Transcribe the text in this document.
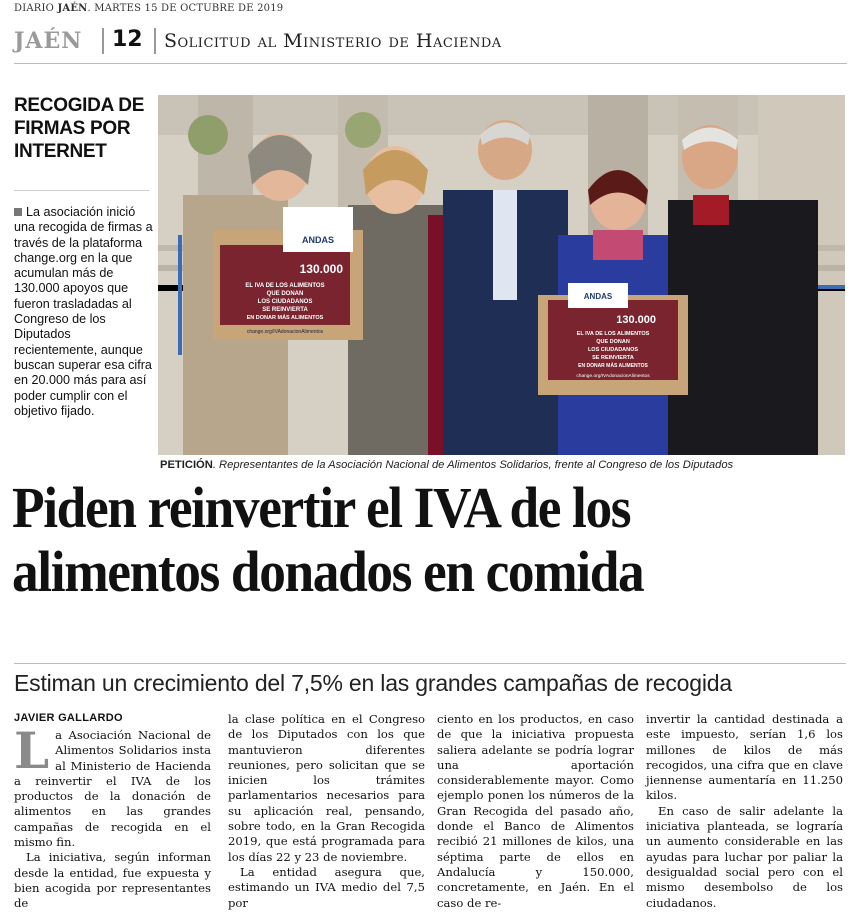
DIARIO JAÉN. MARTES 15 DE OCTUBRE DE 2019
JAÉN 12 Solicitud al Ministerio de Hacienda
RECOGIDA DE FIRMAS POR INTERNET
La asociación inició una recogida de firmas a través de la plataforma change.org en la que acumulan más de 130.000 apoyos que fueron trasladadas al Congreso de los Diputados recientemente, aunque buscan superar esa cifra en 20.000 más para así poder cumplir con el objetivo fijado.
ANDAS
130.000
EL IVA DE LOS ALIMENTOS
QUE DONAN
LOS CIUDADANOS
SE REINVIERTA
EN DONAR MÁS ALIMENTOS
change.org/IVAdonacionAlimentos
ANDAS
130.000
EL IVA DE LOS ALIMENTOS
QUE DONAN
LOS CIUDADANOS
SE REINVIERTA
EN DONAR MÁS ALIMENTOS
change.org/IVAdonacionAlimentos
PETICIÓN. Representantes de la Asociación Nacional de Alimentos Solidarios, frente al Congreso de los Diputados
Piden reinvertir el IVA de los
alimentos donados en comida
Estiman un crecimiento del 7,5% en las grandes campañas de recogida
JAVIER GALLARDO

La Asociación Nacional de Alimentos Solidarios insta al Ministerio de Hacienda a reinvertir el IVA de los productos de la donación de alimentos en las grandes campañas de recogida en el mismo fin.

La iniciativa, según informan desde la entidad, fue expuesta y bien acogida por representantes de

la clase política en el Congreso de los Diputados con los que mantuvieron diferentes reuniones, pero solicitan que se inicien los trámites parlamentarios necesarios para su aplicación real, pensando, sobre todo, en la Gran Recogida 2019, que está programada para los días 22 y 23 de noviembre.

La entidad asegura que, estimando un IVA medio del 7,5 por

ciento en los productos, en caso de que la iniciativa propuesta saliera adelante se podría lograr una aportación considerablemente mayor. Como ejemplo ponen los números de la Gran Recogida del pasado año, donde el Banco de Alimentos recibió 21 millones de kilos, una séptima parte de ellos en Andalucía y 150.000, concretamente, en Jaén. En el caso de re-

invertir la cantidad destinada a este impuesto, serían 1,6 los millones de kilos de más recogidos, una cifra que en clave jiennense aumentaría en 11.250 kilos.

En caso de salir adelante la iniciativa planteada, se lograría un aumento considerable en las ayudas para luchar por paliar la desigualdad social pero con el mismo desembolso de los ciudadanos.
